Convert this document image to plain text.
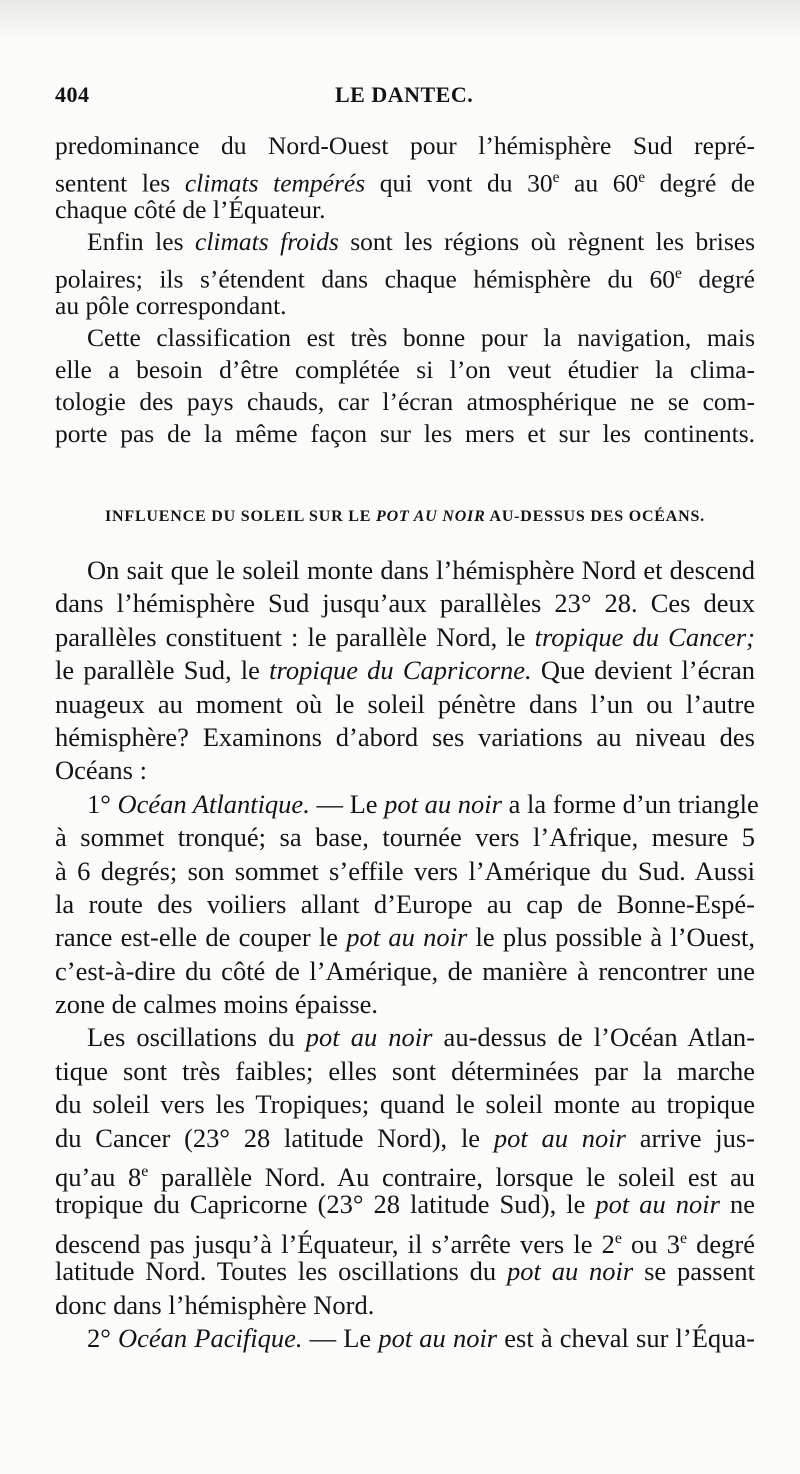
404	LE DANTEC.
predominance du Nord-Ouest pour l’hémisphère Sud repré-
sentent les climats tempérés qui vont du 30e au 60e degré de
chaque côté de l’Équateur.
Enfin les climats froids sont les régions où règnent les brises
polaires; ils s’étendent dans chaque hémisphère du 60e degré
au pôle correspondant.
Cette classification est très bonne pour la navigation, mais
elle a besoin d’être complétée si l’on veut étudier la clima-
tologie des pays chauds, car l’écran atmosphérique ne se com-
porte pas de la même façon sur les mers et sur les continents.
INFLUENCE DU SOLEIL SUR LE POT AU NOIR AU-DESSUS DES OCÉANS.
On sait que le soleil monte dans l’hémisphère Nord et descend
dans l’hémisphère Sud jusqu’aux parallèles 23° 28. Ces deux
parallèles constituent : le parallèle Nord, le tropique du Cancer;
le parallèle Sud, le tropique du Capricorne. Que devient l’écran
nuageux au moment où le soleil pénètre dans l’un ou l’autre
hémisphère? Examinons d’abord ses variations au niveau des
Océans :
1° Océan Atlantique. — Le pot au noir a la forme d’un triangle
à sommet tronqué; sa base, tournée vers l’Afrique, mesure 5
à 6 degrés; son sommet s’effile vers l’Amérique du Sud. Aussi
la route des voiliers allant d’Europe au cap de Bonne-Espé-
rance est-elle de couper le pot au noir le plus possible à l’Ouest,
c’est-à-dire du côté de l’Amérique, de manière à rencontrer une
zone de calmes moins épaisse.
Les oscillations du pot au noir au-dessus de l’Océan Atlan-
tique sont très faibles; elles sont déterminées par la marche
du soleil vers les Tropiques; quand le soleil monte au tropique
du Cancer (23° 28 latitude Nord), le pot au noir arrive jus-
qu’au 8e parallèle Nord. Au contraire, lorsque le soleil est au
tropique du Capricorne (23° 28 latitude Sud), le pot au noir ne
descend pas jusqu’à l’Équateur, il s’arrête vers le 2e ou 3e degré
latitude Nord. Toutes les oscillations du pot au noir se passent
donc dans l’hémisphère Nord.
2° Océan Pacifique. — Le pot au noir est à cheval sur l’Équa-
